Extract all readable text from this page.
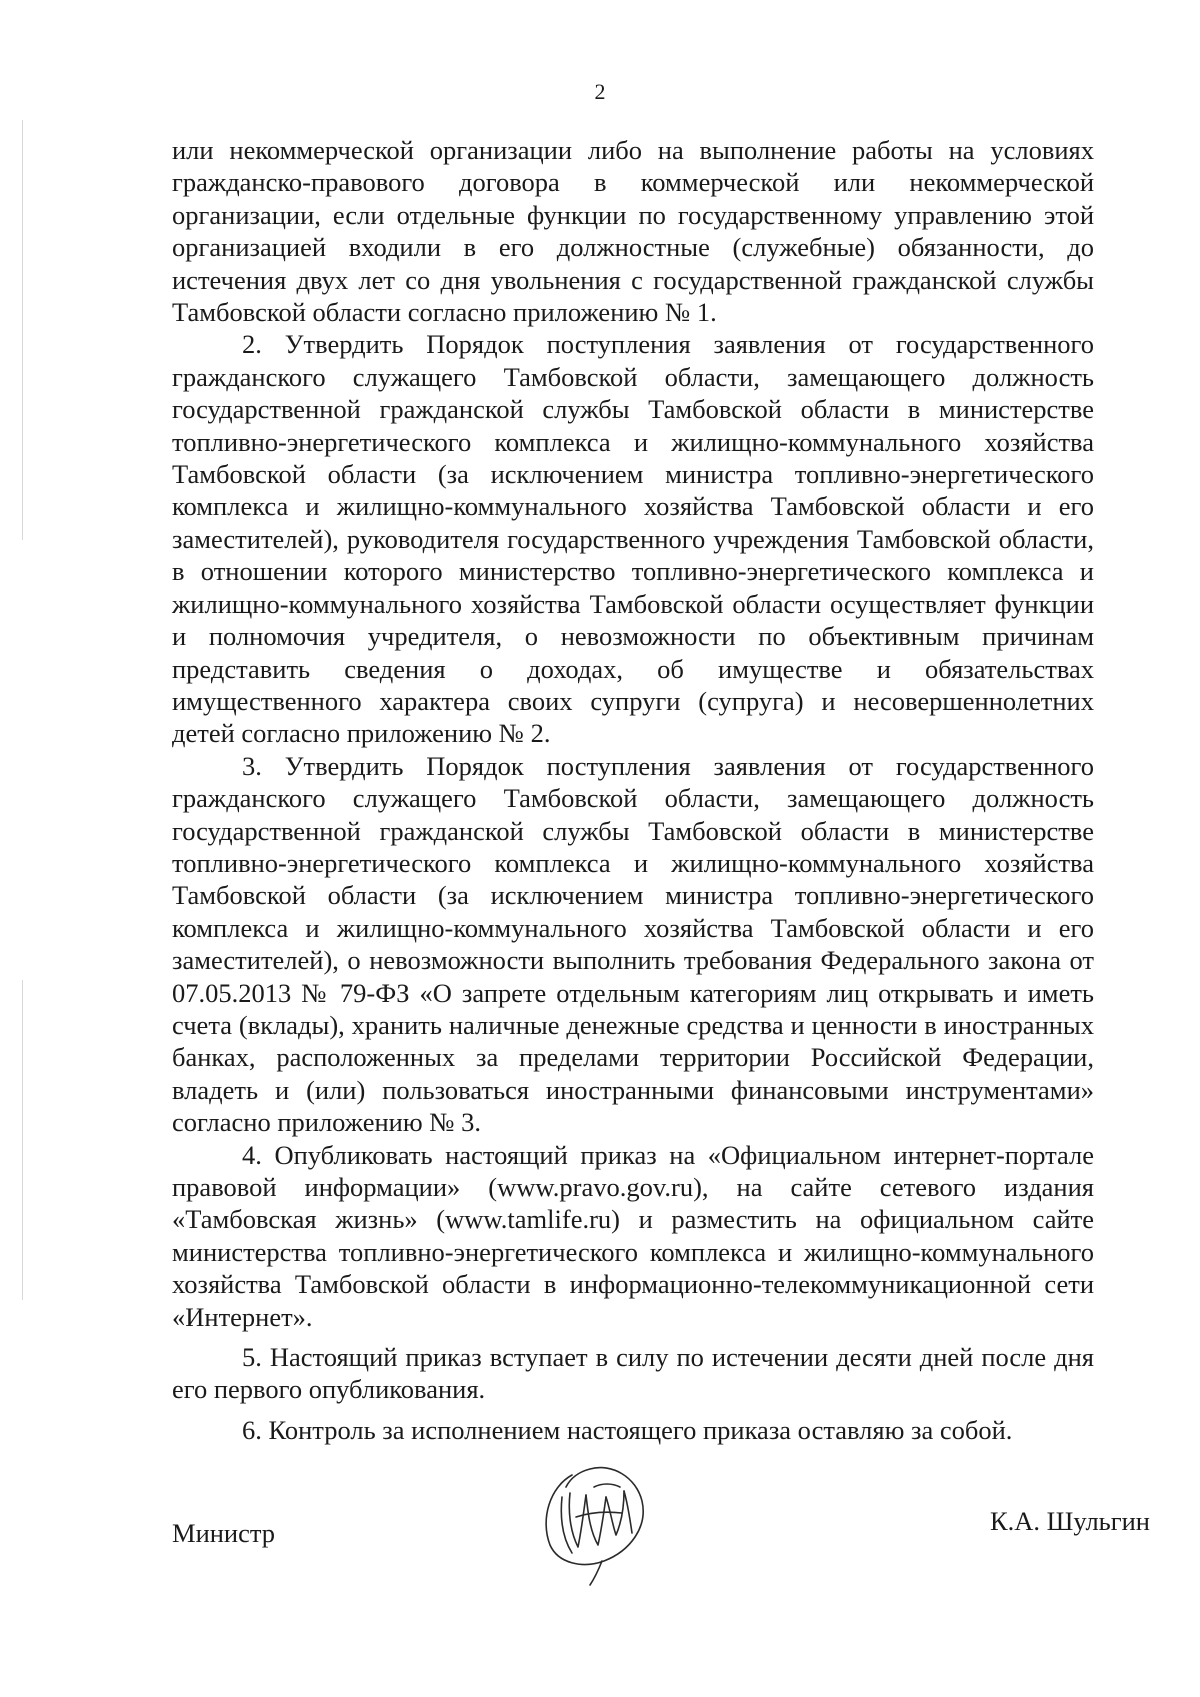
2

или некоммерческой организации либо на выполнение работы на условиях гражданско-правового договора в коммерческой или некоммерческой организации, если отдельные функции по государственному управлению этой организацией входили в его должностные (служебные) обязанности, до истечения двух лет со дня увольнения с государственной гражданской службы Тамбовской области согласно приложению № 1.

2. Утвердить Порядок поступления заявления от государственного гражданского служащего Тамбовской области, замещающего должность государственной гражданской службы Тамбовской области в министерстве топливно-энергетического комплекса и жилищно-коммунального хозяйства Тамбовской области (за исключением министра топливно-энергетического комплекса и жилищно-коммунального хозяйства Тамбовской области и его заместителей), руководителя государственного учреждения Тамбовской области, в отношении которого министерство топливно-энергетического комплекса и жилищно-коммунального хозяйства Тамбовской области осуществляет функции и полномочия учредителя, о невозможности по объективным причинам представить сведения о доходах, об имуществе и обязательствах имущественного характера своих супруги (супруга) и несовершеннолетних детей согласно приложению № 2.

3. Утвердить Порядок поступления заявления от государственного гражданского служащего Тамбовской области, замещающего должность государственной гражданской службы Тамбовской области в министерстве топливно-энергетического комплекса и жилищно-коммунального хозяйства Тамбовской области (за исключением министра топливно-энергетического комплекса и жилищно-коммунального хозяйства Тамбовской области и его заместителей), о невозможности выполнить требования Федерального закона от 07.05.2013 № 79-ФЗ «О запрете отдельным категориям лиц открывать и иметь счета (вклады), хранить наличные денежные средства и ценности в иностранных банках, расположенных за пределами территории Российской Федерации, владеть и (или) пользоваться иностранными финансовыми инструментами» согласно приложению № 3.

4. Опубликовать настоящий приказ на «Официальном интернет-портале правовой информации» (www.pravo.gov.ru), на сайте сетевого издания «Тамбовская жизнь» (www.tamlife.ru) и разместить на официальном сайте министерства топливно-энергетического комплекса и жилищно-коммунального хозяйства Тамбовской области в информационно-телекоммуникационной сети «Интернет».

5. Настоящий приказ вступает в силу по истечении десяти дней после дня его первого опубликования.

6. Контроль за исполнением настоящего приказа оставляю за собой.

Министр	К.А. Шульгин
